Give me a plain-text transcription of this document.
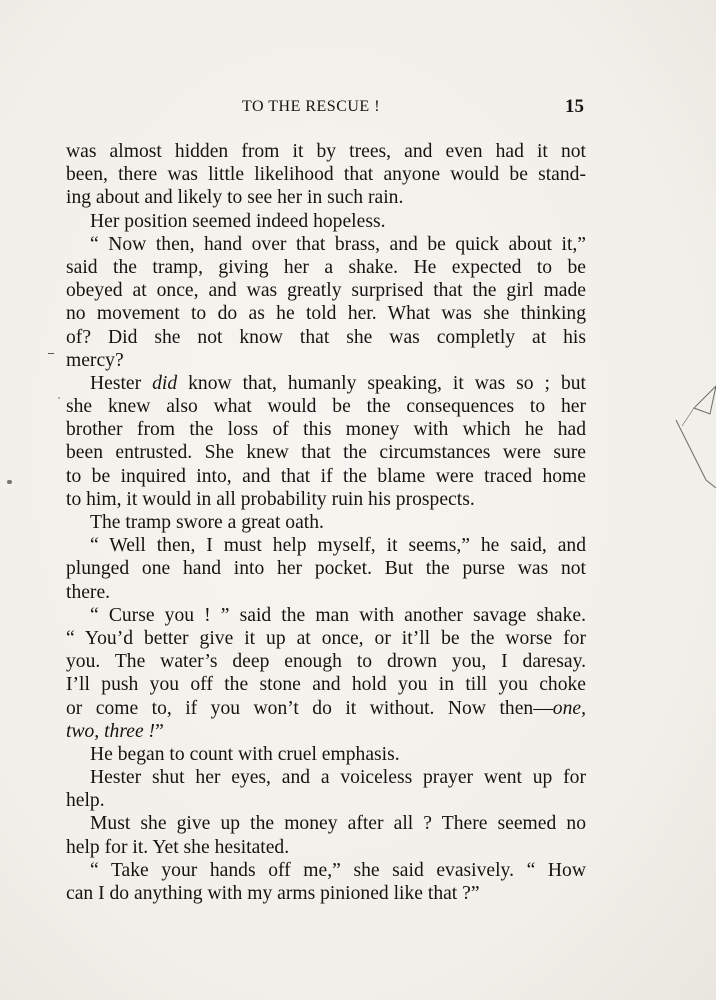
TO THE RESCUE !	15
was almost hidden from it by trees, and even had it not
been, there was little likelihood that anyone would be stand-
ing about and likely to see her in such rain.
Her position seemed indeed hopeless.
“ Now then, hand over that brass, and be quick about it,”
said the tramp, giving her a shake. He expected to be
obeyed at once, and was greatly surprised that the girl made
no movement to do as he told her. What was she thinking
of? Did she not know that she was completly at his
mercy?
Hester did know that, humanly speaking, it was so ; but
she knew also what would be the consequences to her
brother from the loss of this money with which he had
been entrusted. She knew that the circumstances were sure
to be inquired into, and that if the blame were traced home
to him, it would in all probability ruin his prospects.
The tramp swore a great oath.
“ Well then, I must help myself, it seems,” he said, and
plunged one hand into her pocket. But the purse was not
there.
“ Curse you ! ” said the man with another savage shake.
“ You’d better give it up at once, or it’ll be the worse for
you. The water’s deep enough to drown you, I daresay.
I’ll push you off the stone and hold you in till you choke
or come to, if you won’t do it without. Now then—one,
two, three !”
He began to count with cruel emphasis.
Hester shut her eyes, and a voiceless prayer went up for
help.
Must she give up the money after all ? There seemed no
help for it. Yet she hesitated.
“ Take your hands off me,” she said evasively. “ How
can I do anything with my arms pinioned like that ?”
